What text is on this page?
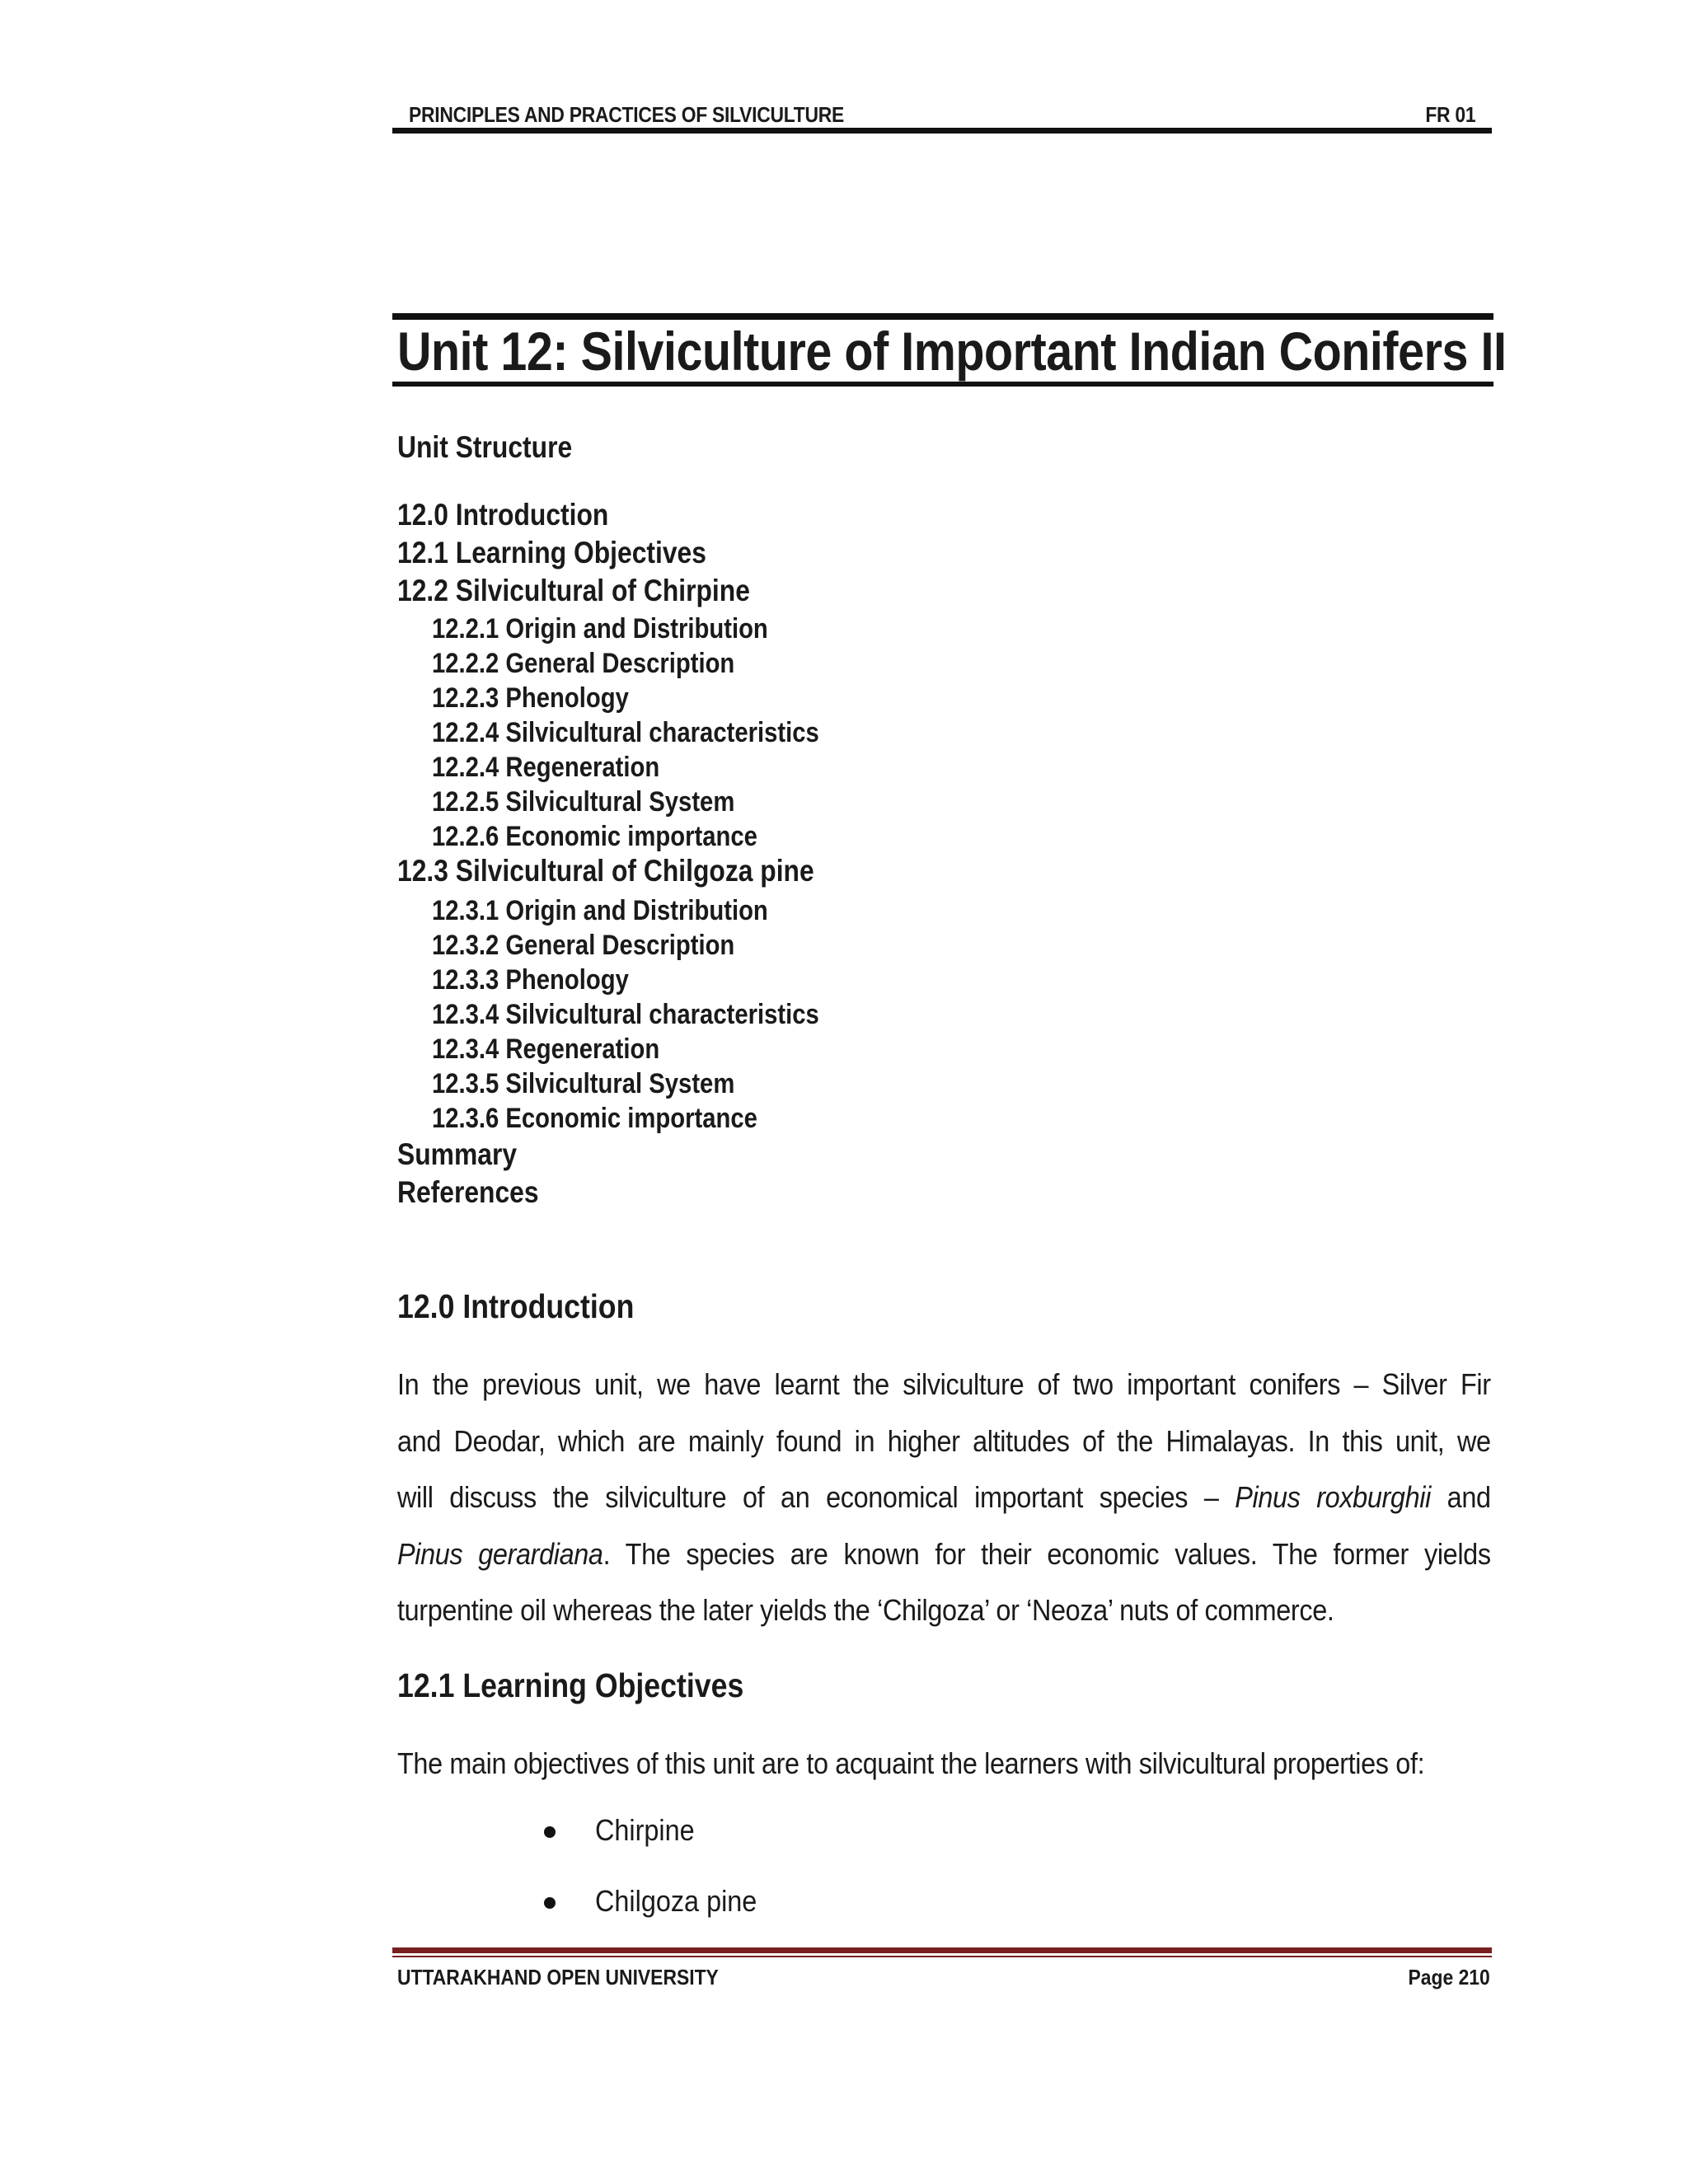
PRINCIPLES AND PRACTICES OF SILVICULTURE	FR 01
Unit 12: Silviculture of Important Indian Conifers II
Unit Structure
12.0 Introduction
12.1 Learning Objectives
12.2 Silvicultural of Chirpine
12.2.1 Origin and Distribution
12.2.2 General Description
12.2.3 Phenology
12.2.4 Silvicultural characteristics
12.2.4 Regeneration
12.2.5 Silvicultural System
12.2.6 Economic importance
12.3 Silvicultural of Chilgoza pine
12.3.1 Origin and Distribution
12.3.2 General Description
12.3.3 Phenology
12.3.4 Silvicultural characteristics
12.3.4 Regeneration
12.3.5 Silvicultural System
12.3.6 Economic importance
Summary
References
12.0 Introduction
In the previous unit, we have learnt the silviculture of two important conifers – Silver Fir
and Deodar, which are mainly found in higher altitudes of the Himalayas. In this unit, we
will discuss the silviculture of an economical important species – Pinus roxburghii and
Pinus gerardiana. The species are known for their economic values. The former yields
turpentine oil whereas the later yields the ‘Chilgoza’ or ‘Neoza’ nuts of commerce.
12.1 Learning Objectives
The main objectives of this unit are to acquaint the learners with silvicultural properties of:
Chirpine
Chilgoza pine
UTTARAKHAND OPEN UNIVERSITY	Page 210
